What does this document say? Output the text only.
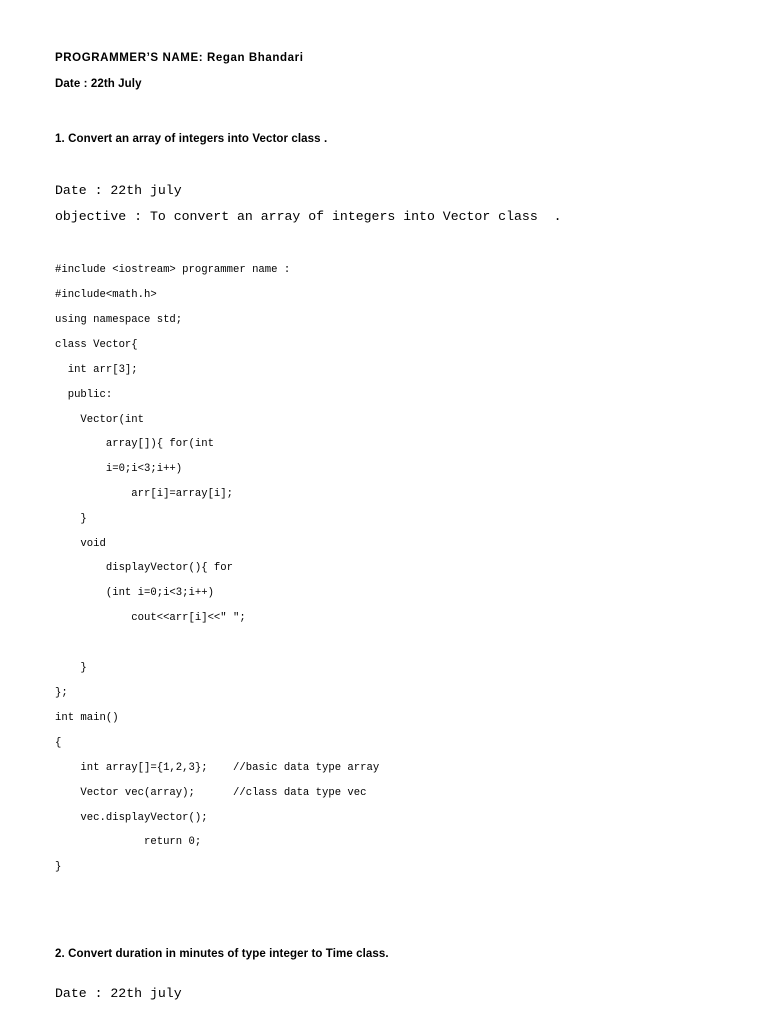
PROGRAMMER’S NAME: Regan Bhandari
Date : 22th July
1. Convert an array of integers into Vector class .
Date : 22th july
objective : To convert an array of integers into Vector class  .
#include <iostream> programmer name :
#include<math.h>
using namespace std;
class Vector{
int arr[3];
public:
Vector(int
array[]){ for(int
i=0;i<3;i++)
arr[i]=array[i];
}
void
displayVector(){ for
(int i=0;i<3;i++)
cout<<arr[i]<<" ";
}
};
int main()
{
int array[]={1,2,3};    //basic data type array
Vector vec(array);      //class data type vec
vec.displayVector();
return 0;
}
2. Convert duration in minutes of type integer to Time class.
Date : 22th july
